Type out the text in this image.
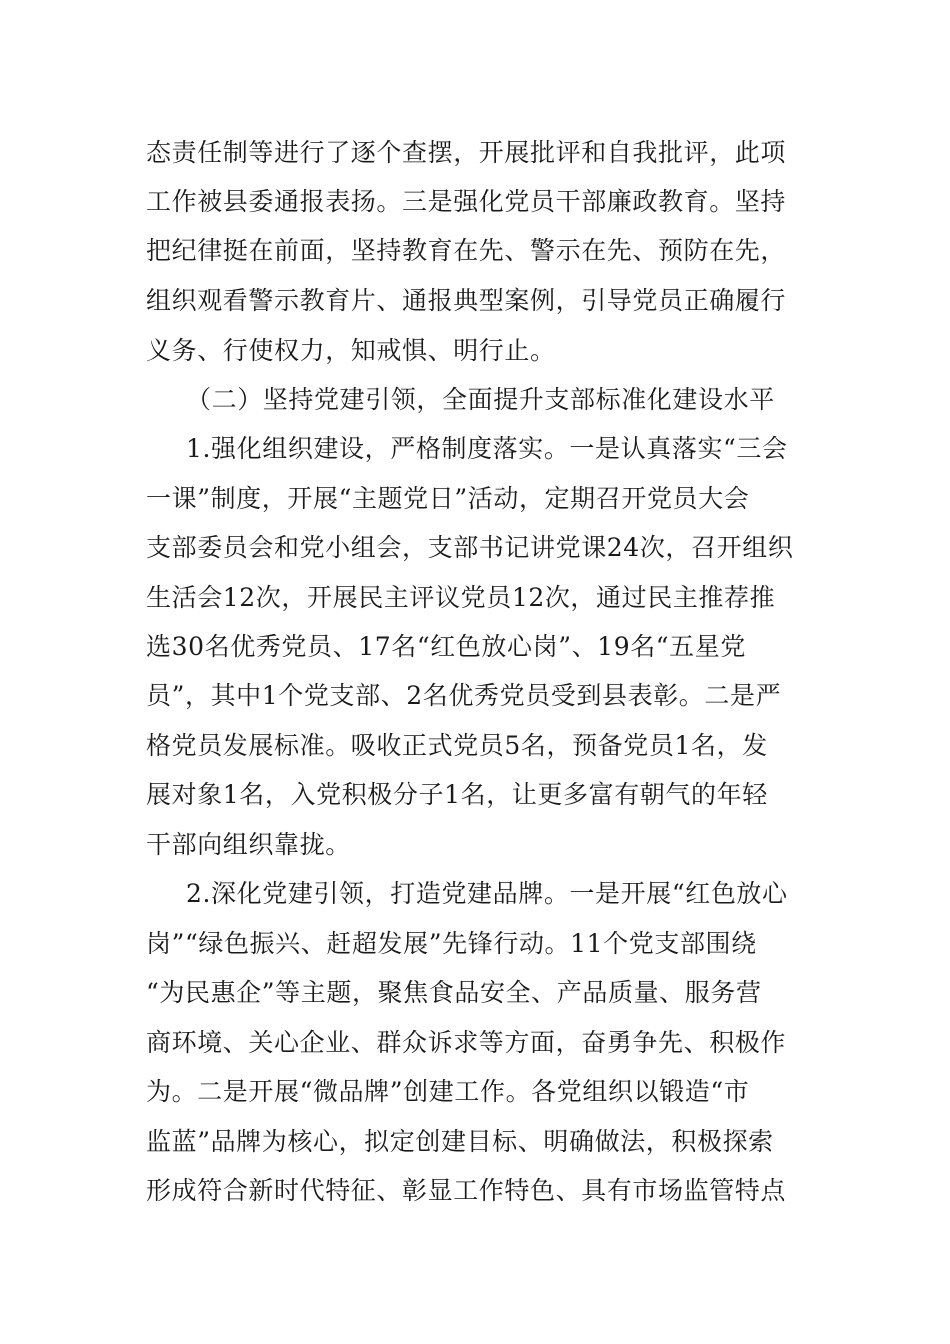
态责任制等进行了逐个查摆，开展批评和自我批评，此项
工作被县委通报表扬。三是强化党员干部廉政教育。坚持
把纪律挺在前面，坚持教育在先、警示在先、预防在先，
组织观看警示教育片、通报典型案例，引导党员正确履行
义务、行使权力，知戒惧、明行止。
（二）坚持党建引领，全面提升支部标准化建设水平
1.强化组织建设，严格制度落实。一是认真落实“三会
一课”制度，开展“主题党日”活动，定期召开党员大会
支部委员会和党小组会，支部书记讲党课24次，召开组织
生活会12次，开展民主评议党员12次，通过民主推荐推
选30名优秀党员、17名“红色放心岗”、19名“五星党
员”，其中1个党支部、2名优秀党员受到县表彰。二是严
格党员发展标准。吸收正式党员5名，预备党员1名，发
展对象1名，入党积极分子1名，让更多富有朝气的年轻
干部向组织靠拢。
2.深化党建引领，打造党建品牌。一是开展“红色放心
岗”“绿色振兴、赶超发展”先锋行动。11个党支部围绕
“为民惠企”等主题，聚焦食品安全、产品质量、服务营
商环境、关心企业、群众诉求等方面，奋勇争先、积极作
为。二是开展“微品牌”创建工作。各党组织以锻造“市
监蓝”品牌为核心，拟定创建目标、明确做法，积极探索
形成符合新时代特征、彰显工作特色、具有市场监管特点
